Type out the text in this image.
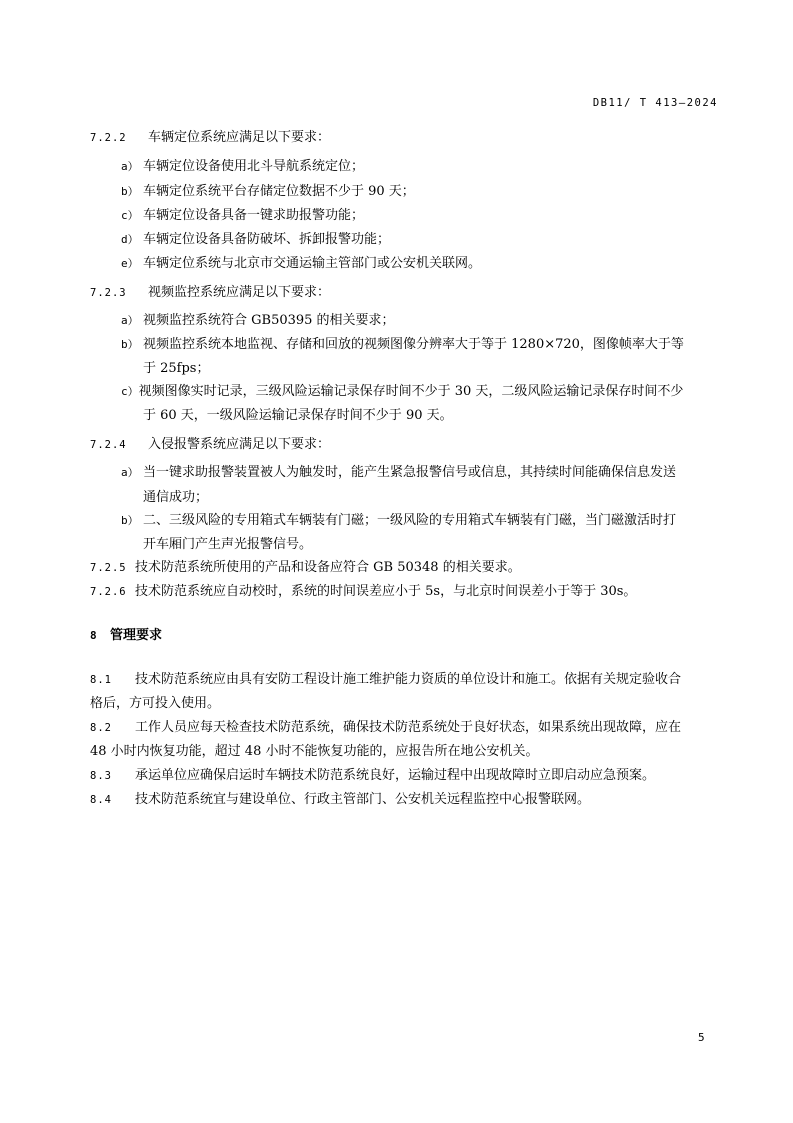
DB11/ T 413—2024
7.2.2 车辆定位系统应满足以下要求：
a） 车辆定位设备使用北斗导航系统定位；
b） 车辆定位系统平台存储定位数据不少于 90 天；
c） 车辆定位设备具备一键求助报警功能；
d） 车辆定位设备具备防破坏、拆卸报警功能；
e） 车辆定位系统与北京市交通运输主管部门或公安机关联网。
7.2.3 视频监控系统应满足以下要求：
a） 视频监控系统符合 GB50395 的相关要求；
b） 视频监控系统本地监视、存储和回放的视频图像分辨率大于等于 1280×720，图像帧率大于等
于 25fps；
c）视频图像实时记录，三级风险运输记录保存时间不少于 30 天，二级风险运输记录保存时间不少
于 60 天，一级风险运输记录保存时间不少于 90 天。
7.2.4 入侵报警系统应满足以下要求：
a） 当一键求助报警装置被人为触发时，能产生紧急报警信号或信息，其持续时间能确保信息发送
通信成功；
b） 二、三级风险的专用箱式车辆装有门磁；一级风险的专用箱式车辆装有门磁，当门磁激活时打
开车厢门产生声光报警信号。
7.2.5 技术防范系统所使用的产品和设备应符合 GB 50348 的相关要求。
7.2.6 技术防范系统应自动校时，系统的时间误差应小于 5s，与北京时间误差小于等于 30s。
8 管理要求
8.1 技术防范系统应由具有安防工程设计施工维护能力资质的单位设计和施工。依据有关规定验收合
格后，方可投入使用。
8.2 工作人员应每天检查技术防范系统，确保技术防范系统处于良好状态，如果系统出现故障，应在
48 小时内恢复功能，超过 48 小时不能恢复功能的，应报告所在地公安机关。
8.3 承运单位应确保启运时车辆技术防范系统良好，运输过程中出现故障时立即启动应急预案。
8.4 技术防范系统宜与建设单位、行政主管部门、公安机关远程监控中心报警联网。
5
